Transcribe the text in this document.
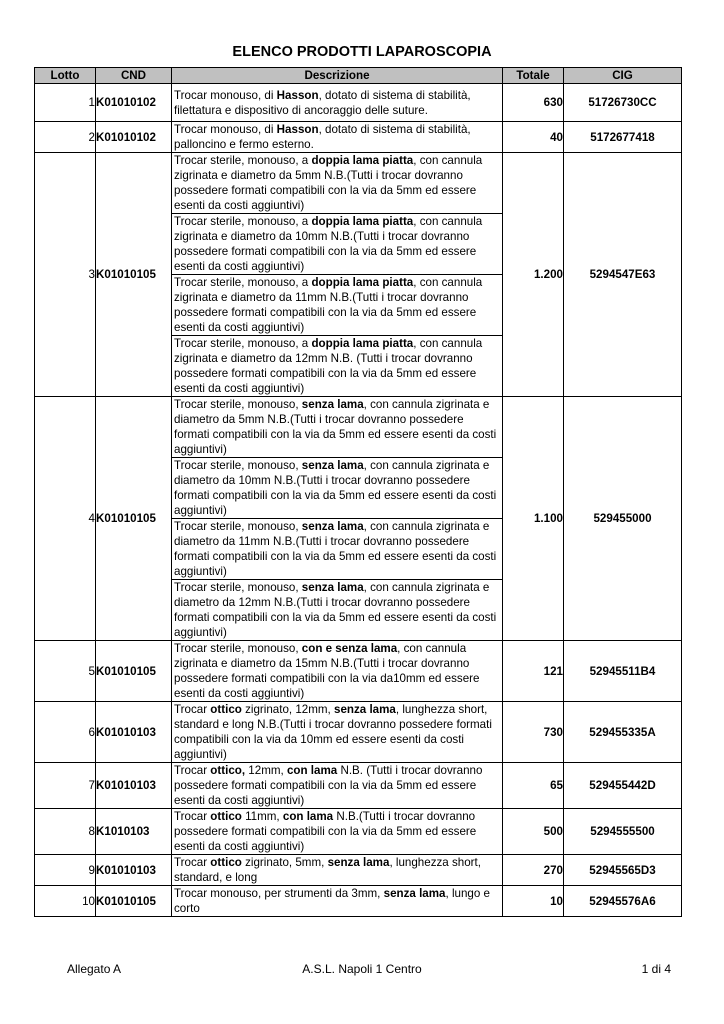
ELENCO PRODOTTI LAPAROSCOPIA
Lotto	CND	Descrizione	Totale	CIG
1	K01010102	Trocar monouso, di Hasson, dotato di sistema di stabilità, filettatura e dispositivo di ancoraggio delle suture.	630	51726730CC
2	K01010102	Trocar monouso, di Hasson, dotato di sistema di stabilità, palloncino e fermo esterno.	40	5172677418
3	K01010105	Trocar sterile, monouso, a doppia lama piatta, con cannula zigrinata e diametro da 5mm N.B.(Tutti i trocar dovranno possedere formati compatibili con la via da 5mm ed essere esenti da costi aggiuntivi)
Trocar sterile, monouso, a doppia lama piatta, con cannula zigrinata e diametro da 10mm N.B.(Tutti i trocar dovranno possedere formati compatibili con la via da 5mm ed essere esenti da costi aggiuntivi)
Trocar sterile, monouso, a doppia lama piatta, con cannula zigrinata e diametro da 11mm N.B.(Tutti i trocar dovranno possedere formati compatibili con la via da 5mm ed essere esenti da costi aggiuntivi)
Trocar sterile, monouso, a doppia lama piatta, con cannula zigrinata e diametro da 12mm N.B. (Tutti i trocar dovranno possedere formati compatibili con la via da 5mm ed essere esenti da costi aggiuntivi)	1.200	5294547E63
4	K01010105	Trocar sterile, monouso, senza lama, con cannula zigrinata e diametro da 5mm N.B.(Tutti i trocar dovranno possedere formati compatibili con la via da 5mm ed essere esenti da costi aggiuntivi)
Trocar sterile, monouso, senza lama, con cannula zigrinata e diametro da 10mm N.B.(Tutti i trocar dovranno possedere formati compatibili con la via da 5mm ed essere esenti da costi aggiuntivi)
Trocar sterile, monouso, senza lama, con cannula zigrinata e diametro da 11mm N.B.(Tutti i trocar dovranno possedere formati compatibili con la via da 5mm ed essere esenti da costi aggiuntivi)
Trocar sterile, monouso, senza lama, con cannula zigrinata e diametro da 12mm N.B.(Tutti i trocar dovranno possedere formati compatibili con la via da 5mm ed essere esenti da costi aggiuntivi)	1.100	529455000
5	K01010105	Trocar sterile, monouso, con e senza lama, con cannula zigrinata e diametro da 15mm N.B.(Tutti i trocar dovranno possedere formati compatibili con la via da10mm ed essere esenti da costi aggiuntivi)	121	52945511B4
6	K01010103	Trocar ottico zigrinato, 12mm, senza lama, lunghezza short, standard e long N.B.(Tutti i trocar dovranno possedere formati compatibili con la via da 10mm ed essere esenti da costi aggiuntivi)	730	529455335A
7	K01010103	Trocar ottico, 12mm, con lama N.B. (Tutti i trocar dovranno possedere formati compatibili con la via da 5mm ed essere esenti da costi aggiuntivi)	65	529455442D
8	K1010103	Trocar ottico 11mm, con lama N.B.(Tutti i trocar dovranno possedere formati compatibili con la via da 5mm ed essere esenti da costi aggiuntivi)	500	5294555500
9	K01010103	Trocar ottico zigrinato, 5mm, senza lama, lunghezza short, standard, e long	270	52945565D3
10	K01010105	Trocar monouso, per strumenti da 3mm, senza lama, lungo e corto	10	52945576A6
Allegato A	A.S.L. Napoli 1 Centro	1 di 4
